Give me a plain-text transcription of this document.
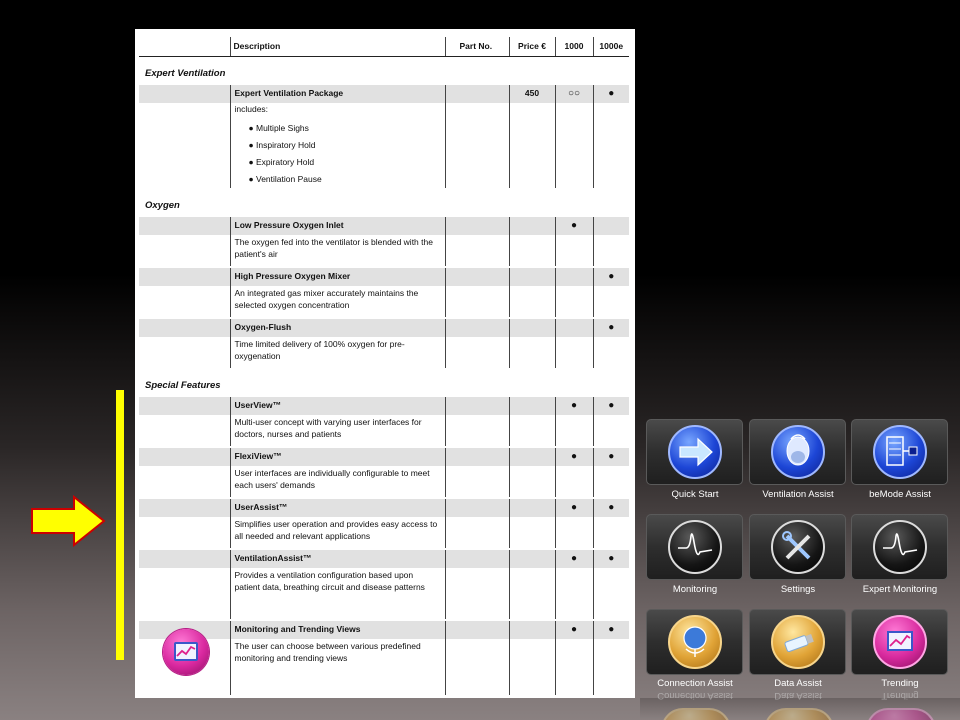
	Description	Part No.	Price €	1000	1000e
Expert Ventilation					
	Expert Ventilation Package		450	○○	●
	includes:				
	● Multiple Sighs				
	● Inspiratory Hold				
	● Expiratory Hold				
	● Ventilation Pause				
Oxygen					
	Low Pressure Oxygen Inlet			●	
	The oxygen fed into the ventilator is blended with the patient's air				
	High Pressure Oxygen Mixer				●
	An integrated gas mixer accurately maintains the selected oxygen concentration				
	Oxygen-Flush				●
	Time limited delivery of 100% oxygen for pre-oxygenation				
Special Features					
	UserView™			●	●
	Multi-user concept with varying user interfaces for doctors, nurses and patients				
	FlexiView™			●	●
	User interfaces are individually configurable to meet each users' demands				
	UserAssist™			●	●
	Simplifies user operation and provides easy access to all needed and relevant applications				
	VentilationAssist™			●	●
	Provides a ventilation configuration based upon patient data, breathing circuit and disease patterns				
	Monitoring and Trending Views			●	●
	The user can choose between various predefined monitoring and trending views				
Quick Start	Ventilation Assist	beMode Assist
Monitoring	Settings	Expert Monitoring
Connection Assist	Data Assist	Trending
Connection Assist	Data Assist	Trending
